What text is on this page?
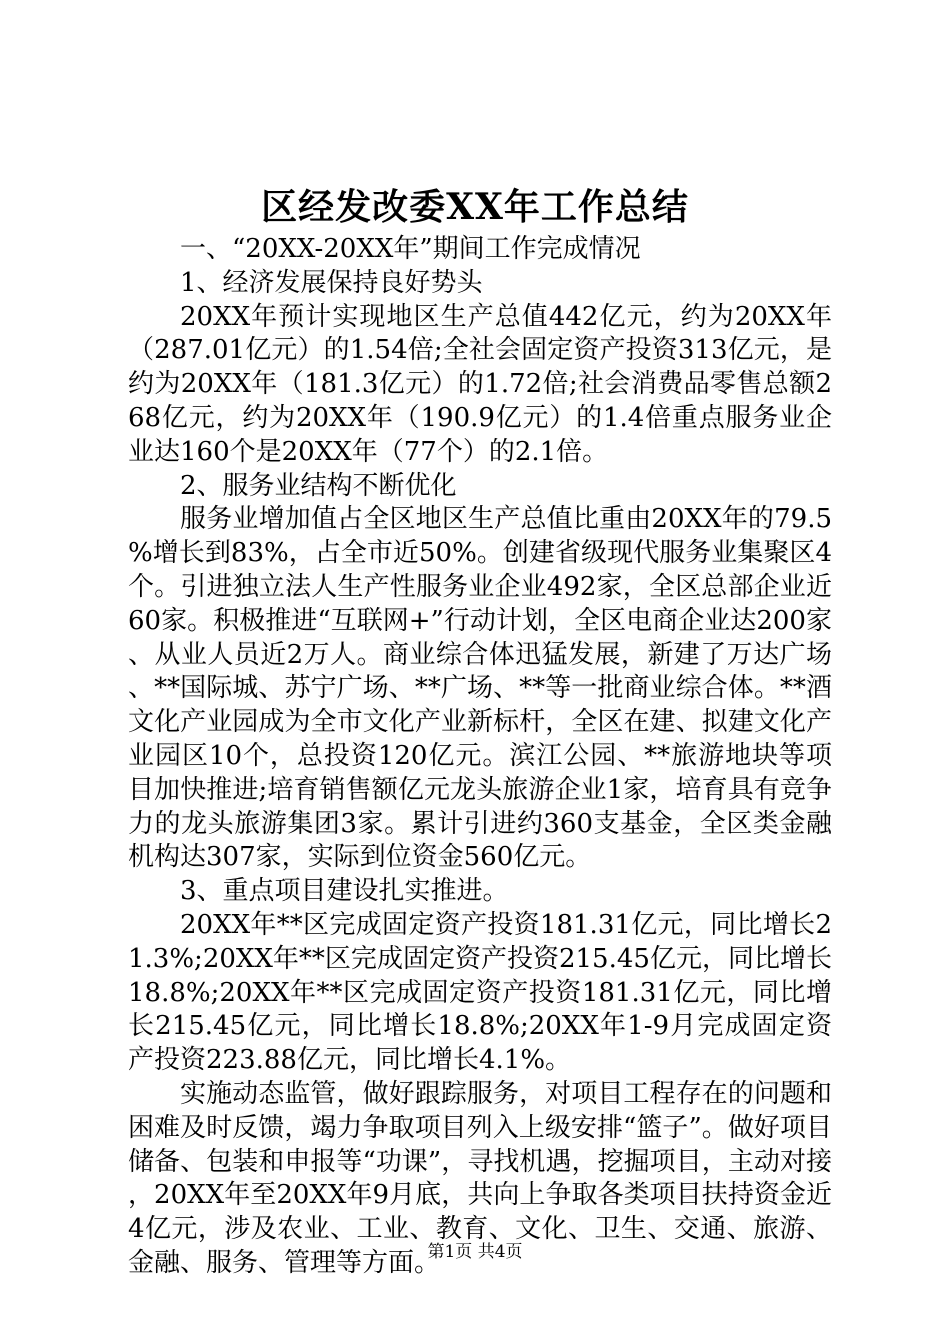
区经发改委XX年工作总结

一、“20XX-20XX年”期间工作完成情况

1、经济发展保持良好势头

20XX年预计实现地区生产总值442亿元，约为20XX年（287.01亿元）的1.54倍;全社会固定资产投资313亿元，是约为20XX年（181.3亿元）的1.72倍;社会消费品零售总额268亿元，约为20XX年（190.9亿元）的1.4倍重点服务业企业达160个是20XX年（77个）的2.1倍。

2、服务业结构不断优化

服务业增加值占全区地区生产总值比重由20XX年的79.5%增长到83%，占全市近50%。创建省级现代服务业集聚区4个。引进独立法人生产性服务业企业492家，全区总部企业近60家。积极推进“互联网+”行动计划，全区电商企业达200家、从业人员近2万人。商业综合体迅猛发展，新建了万达广场、**国际城、苏宁广场、**广场、**等一批商业综合体。**酒文化产业园成为全市文化产业新标杆，全区在建、拟建文化产业园区10个，总投资120亿元。滨江公园、**旅游地块等项目加快推进;培育销售额亿元龙头旅游企业1家，培育具有竞争力的龙头旅游集团3家。累计引进约360支基金，全区类金融机构达307家，实际到位资金560亿元。

3、重点项目建设扎实推进。

20XX年**区完成固定资产投资181.31亿元，同比增长21.3%;20XX年**区完成固定资产投资215.45亿元，同比增长18.8%;20XX年**区完成固定资产投资181.31亿元，同比增长215.45亿元，同比增长18.8%;20XX年1-9月完成固定资产投资223.88亿元，同比增长4.1%。

实施动态监管，做好跟踪服务，对项目工程存在的问题和困难及时反馈，竭力争取项目列入上级安排“篮子”。做好项目储备、包装和申报等“功课”，寻找机遇，挖掘项目，主动对接，20XX年至20XX年9月底，共向上争取各类项目扶持资金近4亿元，涉及农业、工业、教育、文化、卫生、交通、旅游、金融、服务、管理等方面。

第1页 共4页
